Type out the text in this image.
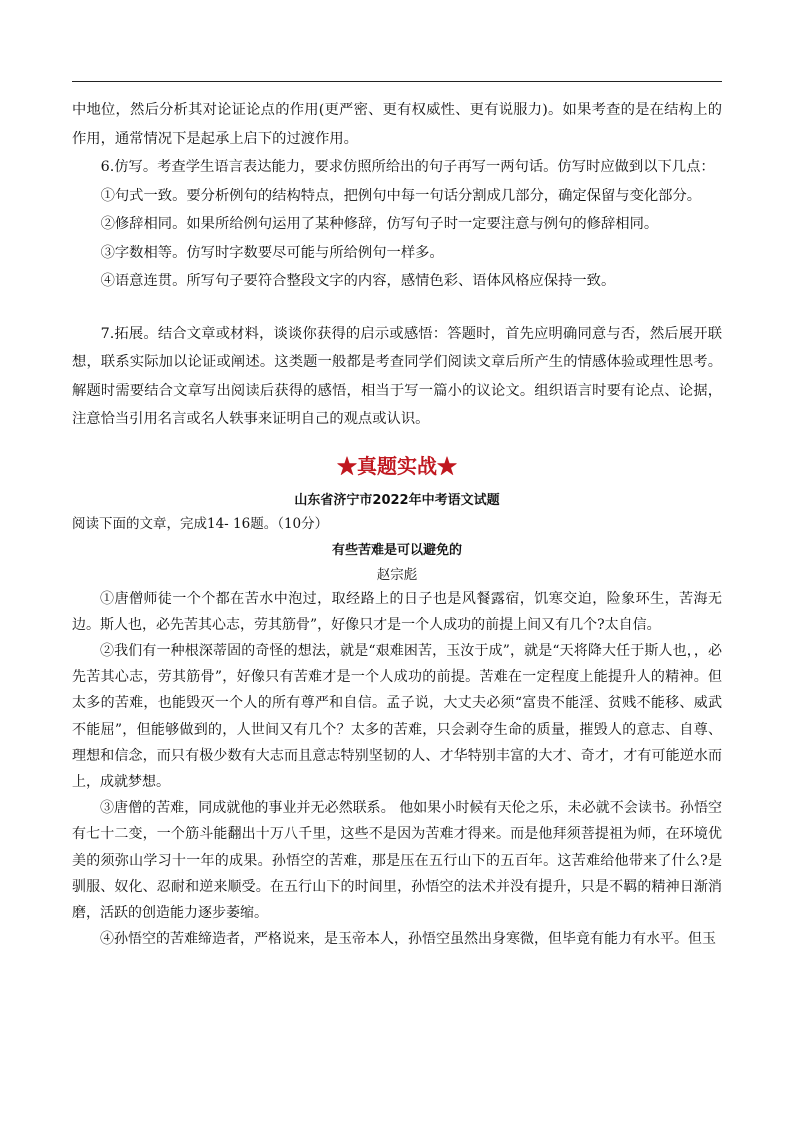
中地位，然后分析其对论证论点的作用(更严密、更有权威性、更有说服力)。如果考查的是在结构上的作用，通常情况下是起承上启下的过渡作用。

6.仿写。考查学生语言表达能力，要求仿照所给出的句子再写一两句话。仿写时应做到以下几点：

①句式一致。要分析例句的结构特点，把例句中每一句话分割成几部分，确定保留与变化部分。

②修辞相同。如果所给例句运用了某种修辞，仿写句子时一定要注意与例句的修辞相同。

③字数相等。仿写时字数要尽可能与所给例句一样多。

④语意连贯。所写句子要符合整段文字的内容，感情色彩、语体风格应保持一致。

7.拓展。结合文章或材料，谈谈你获得的启示或感悟：答题时，首先应明确同意与否，然后展开联想，联系实际加以论证或阐述。这类题一般都是考查同学们阅读文章后所产生的情感体验或理性思考。解题时需要结合文章写出阅读后获得的感悟，相当于写一篇小的议论文。组织语言时要有论点、论据，注意恰当引用名言或名人轶事来证明自己的观点或认识。

★真题实战★
山东省济宁市2022年中考语文试题

阅读下面的文章，完成14- 16题。（10分）

有些苦难是可以避免的
赵宗彪

①唐僧师徒一个个都在苦水中泡过，取经路上的日子也是风餐露宿，饥寒交迫，险象环生，苦海无边。斯人也，必先苦其心志，劳其筋骨”，好像只才是一个人成功的前提上间又有几个?太自信。

②我们有一种根深蒂固的奇怪的想法，就是“艰难困苦，玉汝于成”，就是“天将降大任于斯人也，，必先苦其心志，劳其筋骨”，好像只有苦难才是一个人成功的前提。苦难在一定程度上能提升人的精神。但太多的苦难，也能毁灭一个人的所有尊严和自信。孟子说，大丈夫必须“富贵不能淫、贫贱不能移、威武不能屈”，但能够做到的，人世间又有几个？太多的苦难，只会剥夺生命的质量，摧毁人的意志、自尊、理想和信念，而只有极少数有大志而且意志特别坚韧的人、才华特别丰富的大才、奇才，才有可能逆水而上，成就梦想。

③唐僧的苦难，同成就他的事业并无必然联系。 他如果小时候有天伦之乐，未必就不会读书。孙悟空有七十二变，一个筋斗能翻出十万八千里，这些不是因为苦难才得来。而是他拜须菩提祖为师，在环境优美的须弥山学习十一年的成果。孙悟空的苦难，那是压在五行山下的五百年。这苦难给他带来了什么?是驯服、奴化、忍耐和逆来顺受。在五行山下的时间里，孙悟空的法术并没有提升，只是不羁的精神日渐消磨，活跃的创造能力逐步萎缩。

④孙悟空的苦难缔造者，严格说来，是玉帝本人，孙悟空虽然出身寒微，但毕竟有能力有水平。但玉
